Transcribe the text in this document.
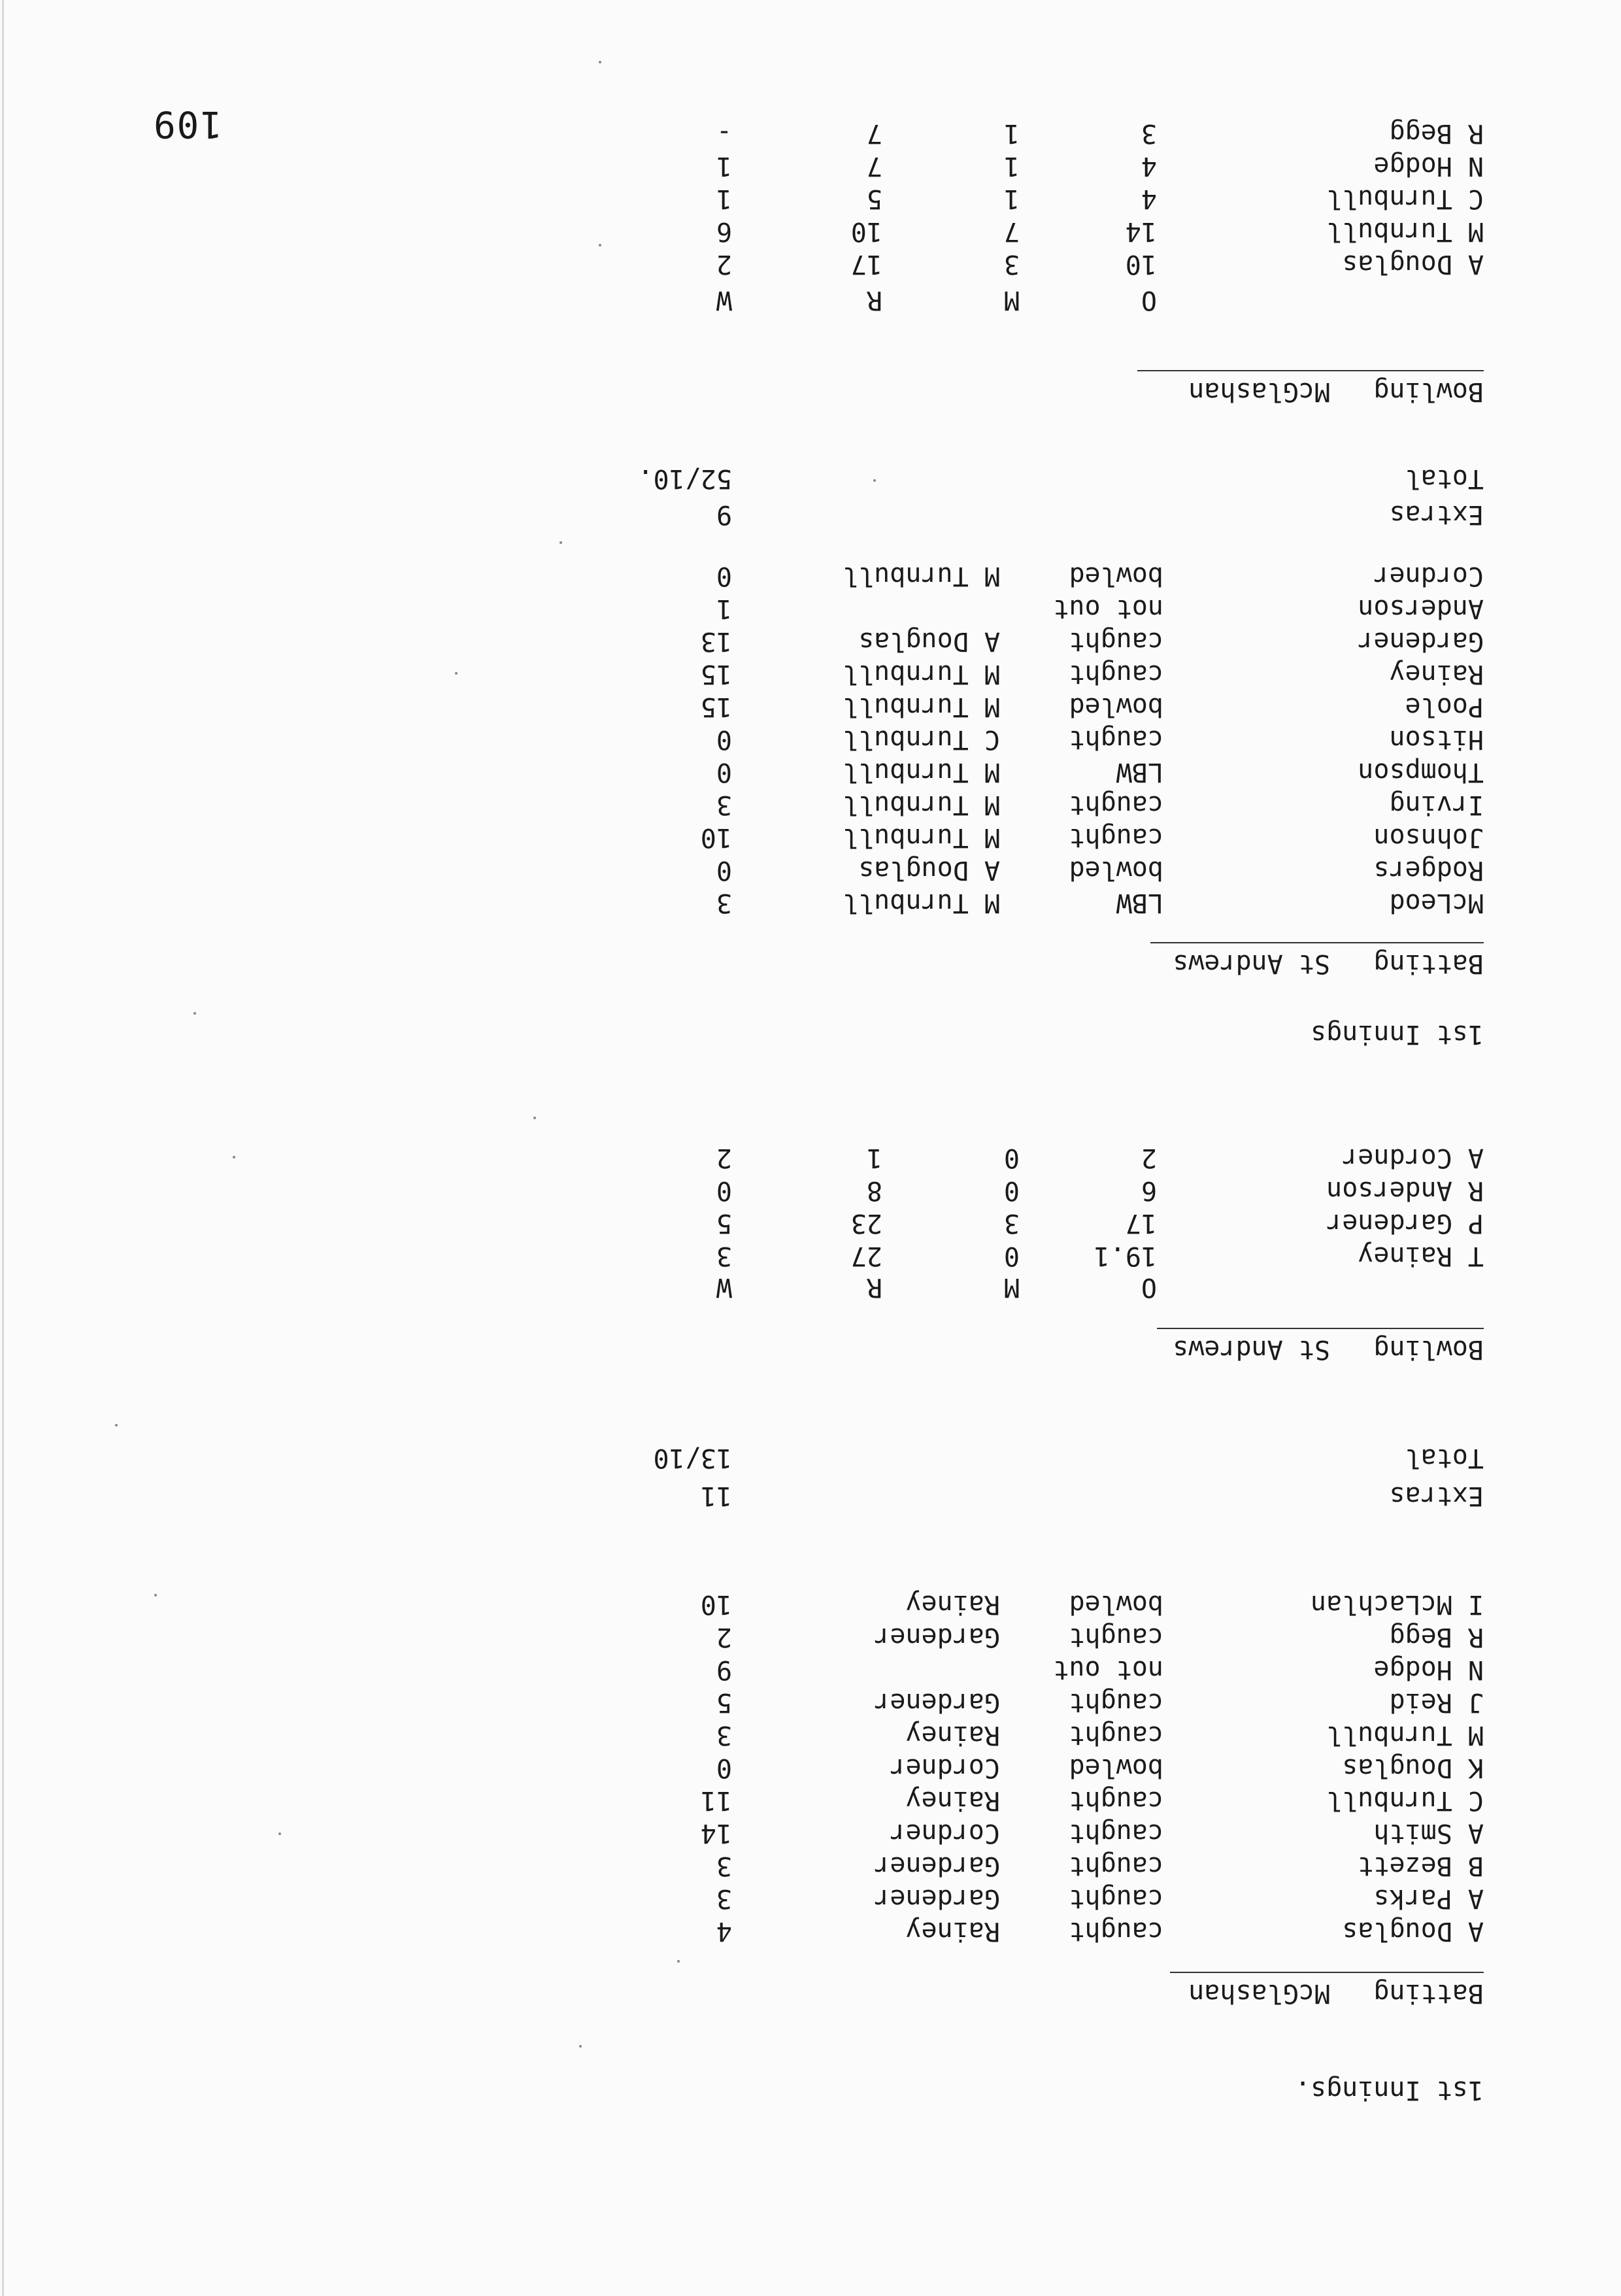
109
1st Innings.
Batting
McGlashan
A Douglas
caught
Rainey
4
A Parks
caught
Gardener
3
B Bezett
caught
Gardener
3
A Smith
caught
Cordner
14
C Turnbull
caught
Rainey
11
K Douglas
bowled
Cordner
0
M Turnbull
caught
Rainey
3
J Reid
caught
Gardener
5
N Hodge
not out
9
R Begg
caught
Gardener
2
I McLachlan
bowled
Rainey
10
Extras
11
Total
13/10
Bowling
St Andrews
O
M
R
W
T Rainey
19.1
0
27
3
P Gardener
17
3
23
5
R Anderson
6
0
8
0
A Cordner
2
0
1
2
1st Innings
Batting
St Andrews
McLeod
LBW
M Turnbull
3
Rodgers
bowled
A Douglas
0
Johnson
caught
M Turnbull
10
Irving
caught
M Turnbull
3
Thompson
LBW
M Turnbull
0
Hitson
caught
C Turnbull
0
Poole
bowled
M Turnbull
15
Rainey
caught
M Turnbull
15
Gardener
caught
A Douglas
13
Anderson
not out
1
Cordner
bowled
M Turnbull
0
Extras
9
Total
52/10.
Bowling
McGlashan
O
M
R
W
A Douglas
10
3
17
2
M Turnbull
14
7
10
6
C Turnbull
4
1
5
1
N Hodge
4
1
7
1
R Begg
3
1
7
-
